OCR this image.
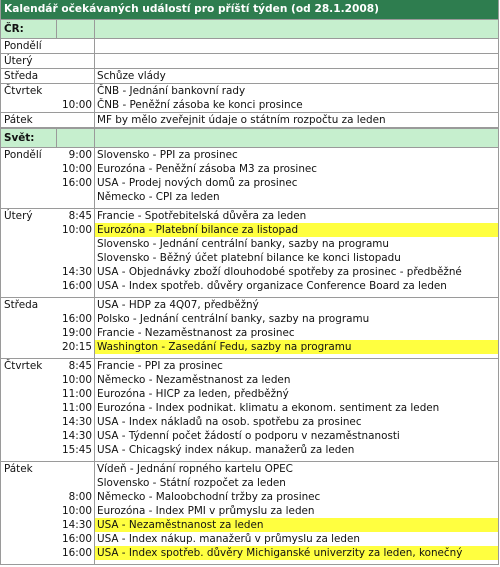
Kalendář očekávaných událostí pro příští týden (od 28.1.2008)
ČR:
Pondělí
Úterý
Středa	Schůze vlády
Čtvrtek	ČNB - Jednání bankovní rady
10:00 ČNB - Peněžní zásoba ke konci prosince
Pátek	MF by mělo zveřejnit údaje o státním rozpočtu za leden
Svět:
Pondělí	9:00 Slovensko - PPI za prosinec
10:00 Eurozóna - Peněžní zásoba M3 za prosinec
16:00 USA - Prodej nových domů za prosinec
Německo - CPI za leden
Úterý	8:45 Francie - Spotřebitelská důvěra za leden
10:00 Eurozóna - Platební bilance za listopad
Slovensko - Jednání centrální banky, sazby na programu
Slovensko - Běžný účet platební bilance ke konci listopadu
14:30 USA - Objednávky zboží dlouhodobé spotřeby za prosinec - předběžné
16:00 USA - Index spotřeb. důvěry organizace Conference Board za leden
Středa	USA - HDP za 4Q07, předběžný
16:00 Polsko - Jednání centrální banky, sazby na programu
19:00 Francie - Nezaměstnanost za prosinec
20:15 Washington - Zasedání Fedu, sazby na programu
Čtvrtek	8:45 Francie - PPI za prosinec
10:00 Německo - Nezaměstnanost za leden
11:00 Eurozóna - HICP za leden, předběžný
11:00 Eurozóna - Index podnikat. klimatu a ekonom. sentiment za leden
14:30 USA - Index nákladů na osob. spotřebu za prosinec
14:30 USA - Týdenní počet žádostí o podporu v nezaměstnanosti
15:45 USA - Chicagský index nákup. manažerů za leden
Pátek	Vídeň - Jednání ropného kartelu OPEC
Slovensko - Státní rozpočet za leden
8:00 Německo - Maloobchodní tržby za prosinec
10:00 Eurozóna - Index PMI v průmyslu za leden
14:30 USA - Nezaměstnanost za leden
16:00 USA - Index nákup. manažerů v průmyslu za leden
16:00 USA - Index spotřeb. důvěry Michiganské univerzity za leden, konečný
